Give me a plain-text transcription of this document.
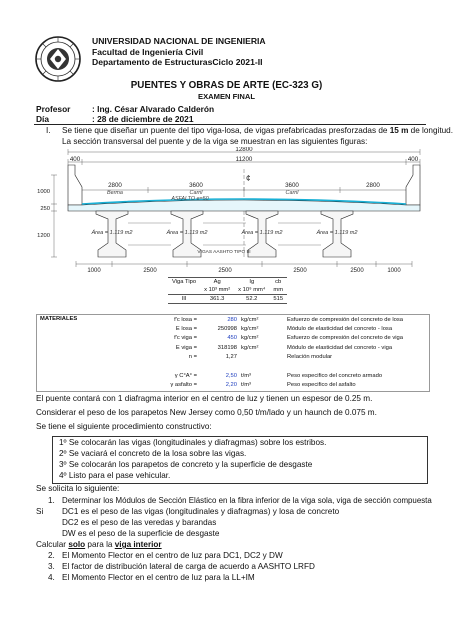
UNIVERSIDAD NACIONAL DE INGENIERIA
Facultad de Ingeniería Civil
Departamento de EstructurasCiclo 2021-II
PUENTES Y OBRAS DE ARTE (EC-323 G)
EXAMEN FINAL
Profesor	: Ing. César Alvarado Calderón
Día	: 28 de diciembre de 2021
I. Se tiene que diseñar un puente del tipo viga-losa, de vigas prefabricadas presforzadas de 15 m de longitud.
La sección transversal del puente y de la viga se muestran en las siguientes figuras:
12800
11200
400	400
2800	3600	3600	2800
Berma	Carril	Carril
ASFALTO e=50
¢
1000
250
1200	Área = 1.119 m2	Área = 1.119 m2	Área = 1.119 m2	Área = 1.119 m2
VIGAS AASHTO TIPO III
1000	2500	2500	2500	2500	1000
Viga Tipo	Ag	Ig	cb
	x 10³ mm²	x 10⁹ mm⁴	mm
III	361.3	52.2	515
MATERIALES	f'c losa =	280	kg/cm²	Esfuerzo de compresión del concreto de losa
E losa =	250998	kg/cm²	Módulo de elasticidad del concreto - losa
f'c viga =	450	kg/cm²	Esfuerzo de compresión del concreto de viga
E viga =	318198	kg/cm²	Módulo de elasticidad del concreto - viga
n =	1,27		Relación modular

γ C°A° =	2,50	t/m³	Peso especifico del concreto armado
γ asfalto =	2,20	t/m³	Peso especifico del asfalto
El puente contará con 1 diafragma interior en el centro de luz y tienen un espesor de 0.25 m.
Considerar el peso de los parapetos New Jersey como 0,50 t/m/lado y un haunch de 0.075 m.
Se tiene el siguiente procedimiento constructivo:
1º Se colocarán las vigas (longitudinales y diafragmas) sobre los estribos.
2º Se vaciará el concreto de la losa sobre las vigas.
3º Se colocarán los parapetos de concreto y la superficie de desgaste
4º Listo para el pase vehicular.
Se solicita lo siguiente:
1. Determinar los Módulos de Sección Elástico en la fibra inferior de la viga sola, viga de sección compuesta
Si DC1 es el peso de las vigas (longitudinales y diafragmas) y losa de concreto
DC2 es el peso de las veredas y barandas
DW es el peso de la superficie de desgaste
Calcular solo para la viga interior
2. El Momento Flector en el centro de luz para DC1, DC2 y DW
3. El factor de distribución lateral de carga de acuerdo a AASHTO LRFD
4. El Momento Flector en el centro de luz para la LL+IM
